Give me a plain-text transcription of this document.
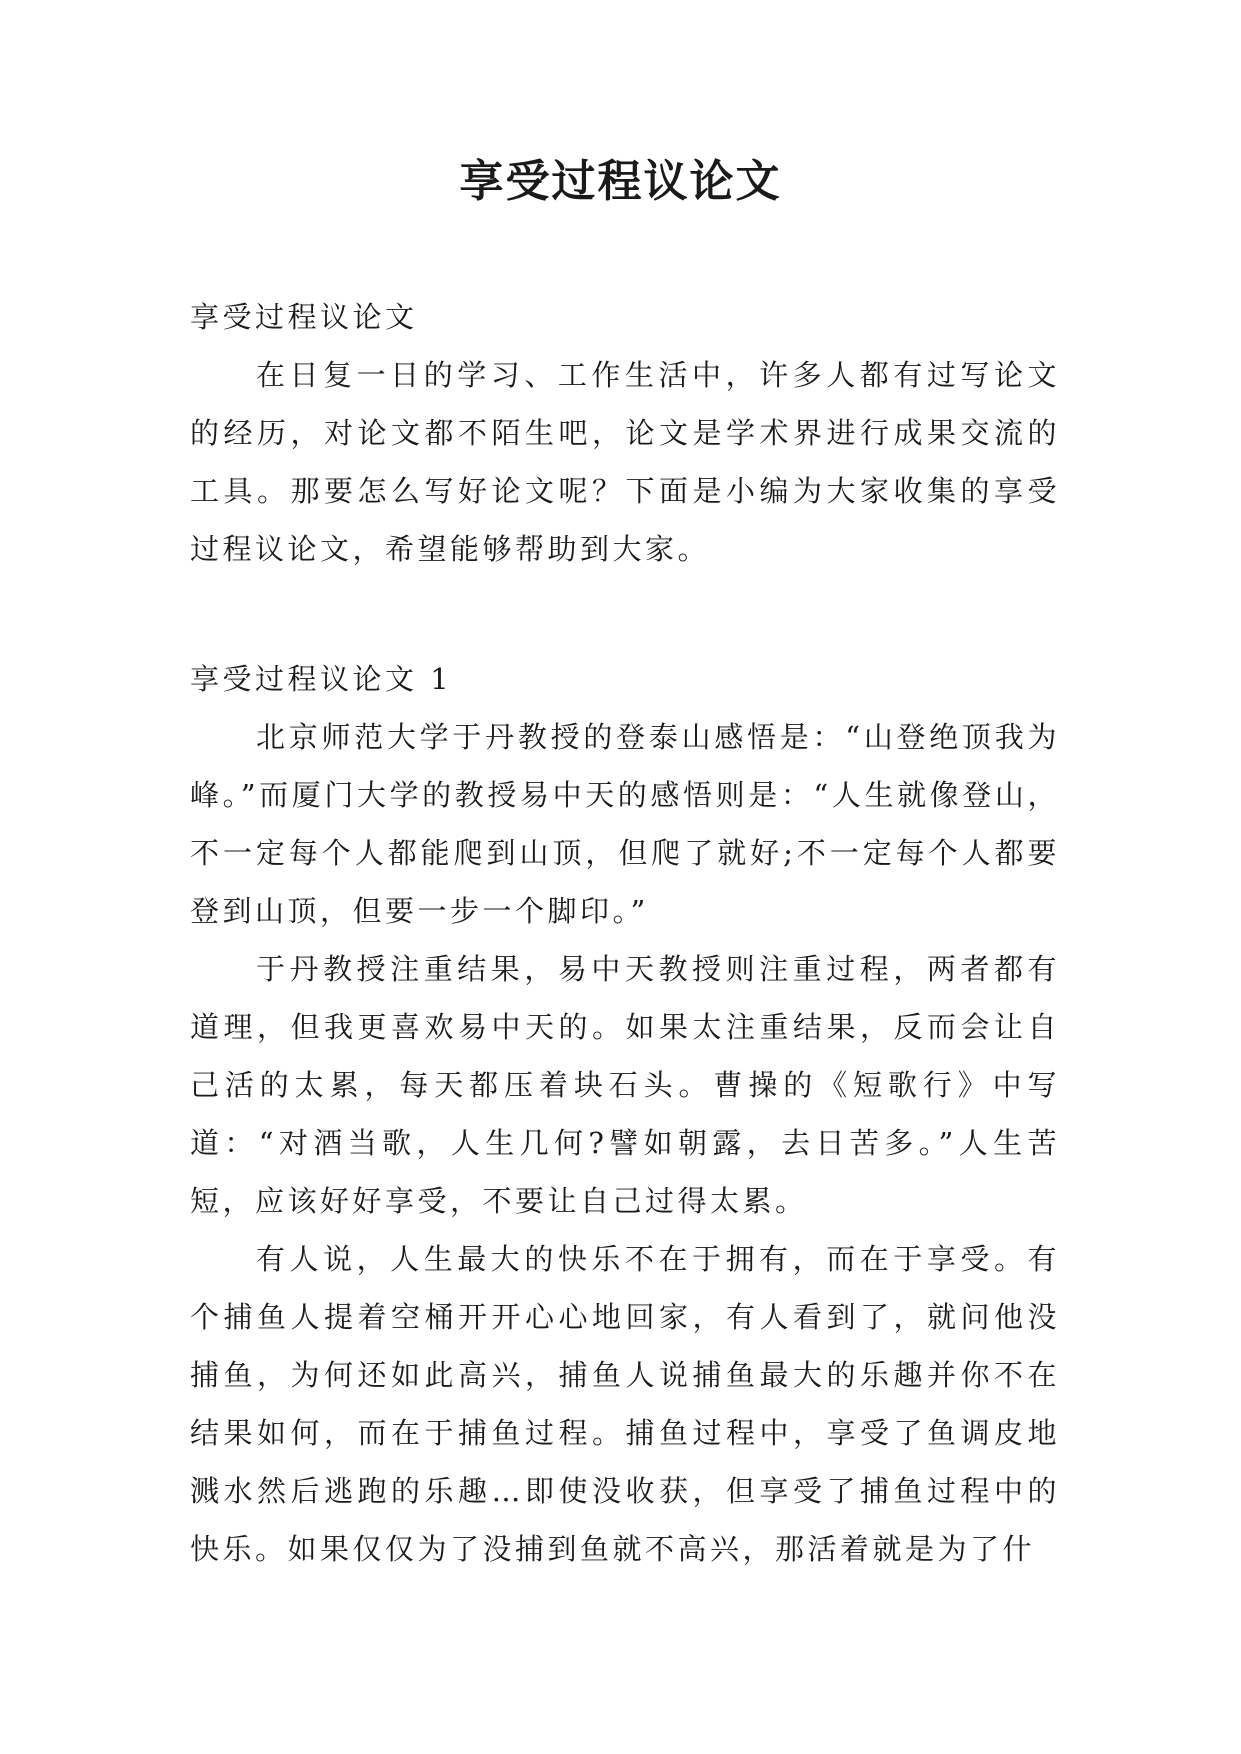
享受过程议论文

享受过程议论文

在日复一日的学习、工作生活中，许多人都有过写论文的经历，对论文都不陌生吧，论文是学术界进行成果交流的工具。那要怎么写好论文呢？下面是小编为大家收集的享受过程议论文，希望能够帮助到大家。

享受过程议论文 1

北京师范大学于丹教授的登泰山感悟是：“山登绝顶我为峰。”而厦门大学的教授易中天的感悟则是：“人生就像登山，不一定每个人都能爬到山顶，但爬了就好;不一定每个人都要登到山顶，但要一步一个脚印。”

于丹教授注重结果，易中天教授则注重过程，两者都有道理，但我更喜欢易中天的。如果太注重结果，反而会让自己活的太累，每天都压着块石头。曹操的《短歌行》中写道：“对酒当歌，人生几何?譬如朝露，去日苦多。”人生苦短，应该好好享受，不要让自己过得太累。

有人说，人生最大的快乐不在于拥有，而在于享受。有个捕鱼人提着空桶开开心心地回家，有人看到了，就问他没捕鱼，为何还如此高兴，捕鱼人说捕鱼最大的乐趣并你不在结果如何，而在于捕鱼过程。捕鱼过程中，享受了鱼调皮地溅水然后逃跑的乐趣…即使没收获，但享受了捕鱼过程中的快乐。如果仅仅为了没捕到鱼就不高兴，那活着就是为了什
